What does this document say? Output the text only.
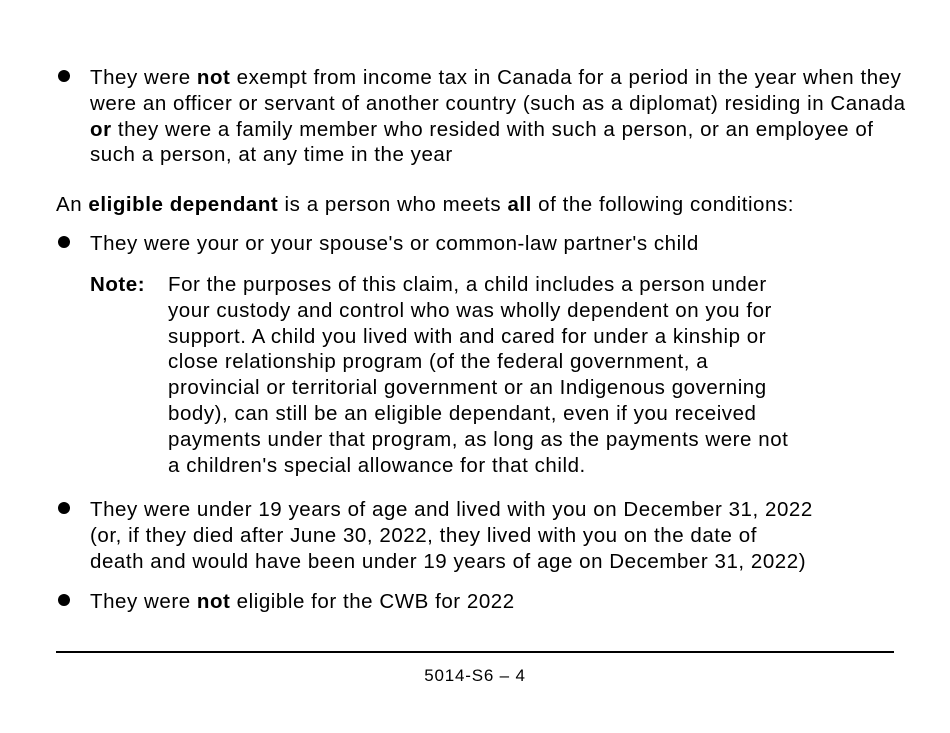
They were not exempt from income tax in Canada for a period in the year when they were an officer or servant of another country (such as a diplomat) residing in Canada or they were a family member who resided with such a person, or an employee of such a person, at any time in the year
An eligible dependant is a person who meets all of the following conditions:
They were your or your spouse's or common-law partner's child
Note: For the purposes of this claim, a child includes a person under
your custody and control who was wholly dependent on you for
support. A child you lived with and cared for under a kinship or
close relationship program (of the federal government, a
provincial or territorial government or an Indigenous governing
body), can still be an eligible dependant, even if you received
payments under that program, as long as the payments were not
a children's special allowance for that child.
They were under 19 years of age and lived with you on December 31, 2022
(or, if they died after June 30, 2022, they lived with you on the date of
death and would have been under 19 years of age on December 31, 2022)
They were not eligible for the CWB for 2022
5014-S6 – 4
